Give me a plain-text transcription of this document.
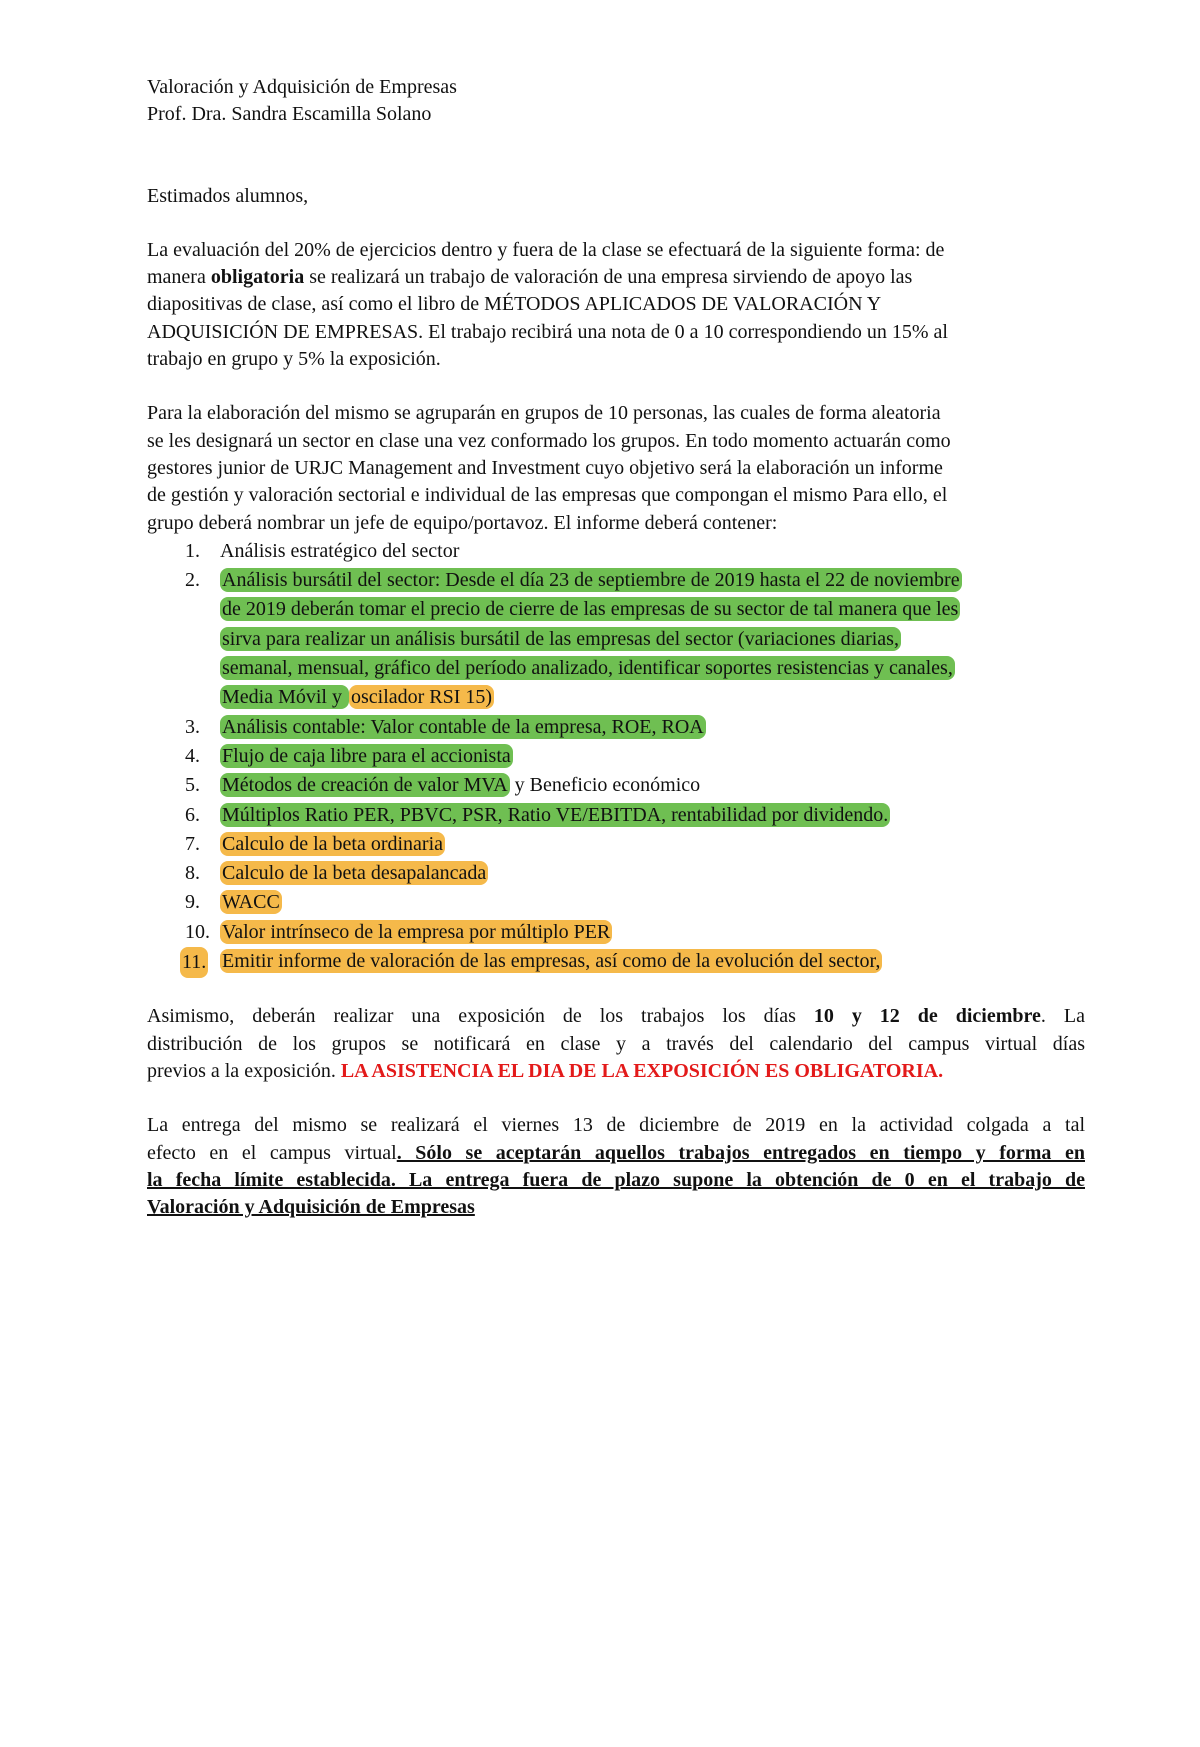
Valoración y Adquisición de Empresas
Prof. Dra. Sandra Escamilla Solano
Estimados alumnos,
La evaluación del 20% de ejercicios dentro y fuera de la clase se efectuará de la siguiente forma: de
manera obligatoria se realizará un trabajo de valoración de una empresa sirviendo de apoyo las
diapositivas de clase, así como el libro de MÉTODOS APLICADOS DE VALORACIÓN Y
ADQUISICIÓN DE EMPRESAS. El trabajo recibirá una nota de 0 a 10 correspondiendo un 15% al
trabajo en grupo y 5% la exposición.
Para la elaboración del mismo se agruparán en grupos de 10 personas, las cuales de forma aleatoria
se les designará un sector en clase una vez conformado los grupos. En todo momento actuarán como
gestores junior de URJC Management and Investment cuyo objetivo será la elaboración un informe
de gestión y valoración sectorial e individual de las empresas que compongan el mismo Para ello, el
grupo deberá nombrar un jefe de equipo/portavoz. El informe deberá contener:
1. Análisis estratégico del sector
2. Análisis bursátil del sector: Desde el día 23 de septiembre de 2019 hasta el 22 de noviembre
de 2019 deberán tomar el precio de cierre de las empresas de su sector de tal manera que les
sirva para realizar un análisis bursátil de las empresas del sector (variaciones diarias,
semanal, mensual, gráfico del período analizado, identificar soportes resistencias y canales,
Media Móvil y oscilador RSI 15)
3. Análisis contable: Valor contable de la empresa, ROE, ROA
4. Flujo de caja libre para el accionista
5. Métodos de creación de valor MVA y Beneficio económico
6. Múltiplos Ratio PER, PBVC, PSR, Ratio VE/EBITDA, rentabilidad por dividendo.
7. Calculo de la beta ordinaria
8. Calculo de la beta desapalancada
9. WACC
10. Valor intrínseco de la empresa por múltiplo PER
11. Emitir informe de valoración de las empresas, así como de la evolución del sector,
Asimismo, deberán realizar una exposición de los trabajos los días 10 y 12 de diciembre. La
distribución de los grupos se notificará en clase y a través del calendario del campus virtual días
previos a la exposición. LA ASISTENCIA EL DIA DE LA EXPOSICIÓN ES OBLIGATORIA.
La entrega del mismo se realizará el viernes 13 de diciembre de 2019 en la actividad colgada a tal
efecto en el campus virtual. Sólo se aceptarán aquellos trabajos entregados en tiempo y forma en
la fecha límite establecida. La entrega fuera de plazo supone la obtención de 0 en el trabajo de
Valoración y Adquisición de Empresas
